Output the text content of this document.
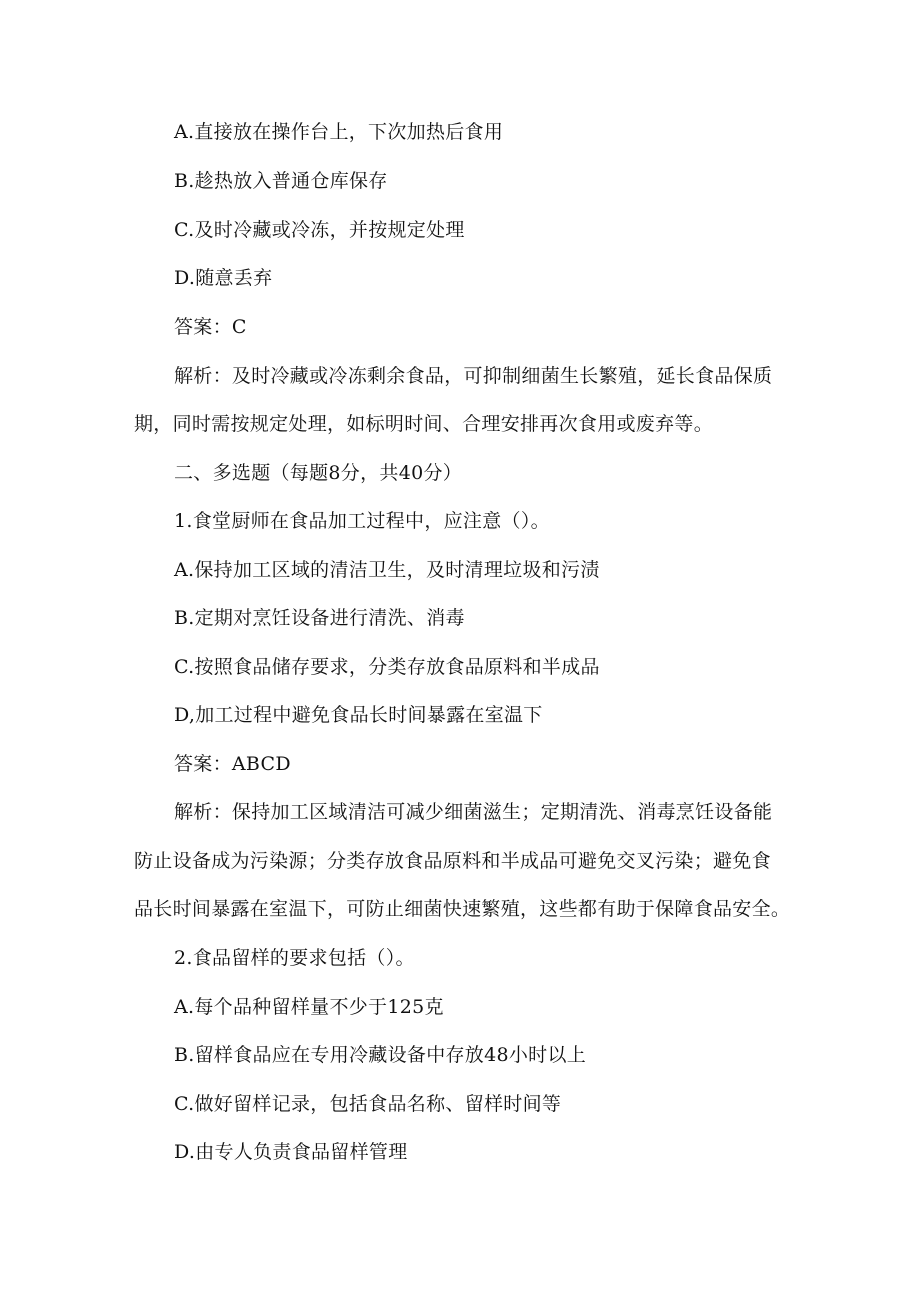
A.直接放在操作台上，下次加热后食用
B.趁热放入普通仓库保存
C.及时冷藏或冷冻，并按规定处理
D.随意丢弃
答案：C
解析：及时冷藏或冷冻剩余食品，可抑制细菌生长繁殖，延长食品保质
期，同时需按规定处理，如标明时间、合理安排再次食用或废弃等。
二、多选题（每题8分，共40分）
1.食堂厨师在食品加工过程中，应注意（）。
A.保持加工区域的清洁卫生，及时清理垃圾和污渍
B.定期对烹饪设备进行清洗、消毒
C.按照食品储存要求，分类存放食品原料和半成品
D,加工过程中避免食品长时间暴露在室温下
答案：ABCD
解析：保持加工区域清洁可减少细菌滋生；定期清洗、消毒烹饪设备能
防止设备成为污染源；分类存放食品原料和半成品可避免交叉污染；避免食
品长时间暴露在室温下，可防止细菌快速繁殖，这些都有助于保障食品安全。
2.食品留样的要求包括（）。
A.每个品种留样量不少于125克
B.留样食品应在专用冷藏设备中存放48小时以上
C.做好留样记录，包括食品名称、留样时间等
D.由专人负责食品留样管理
